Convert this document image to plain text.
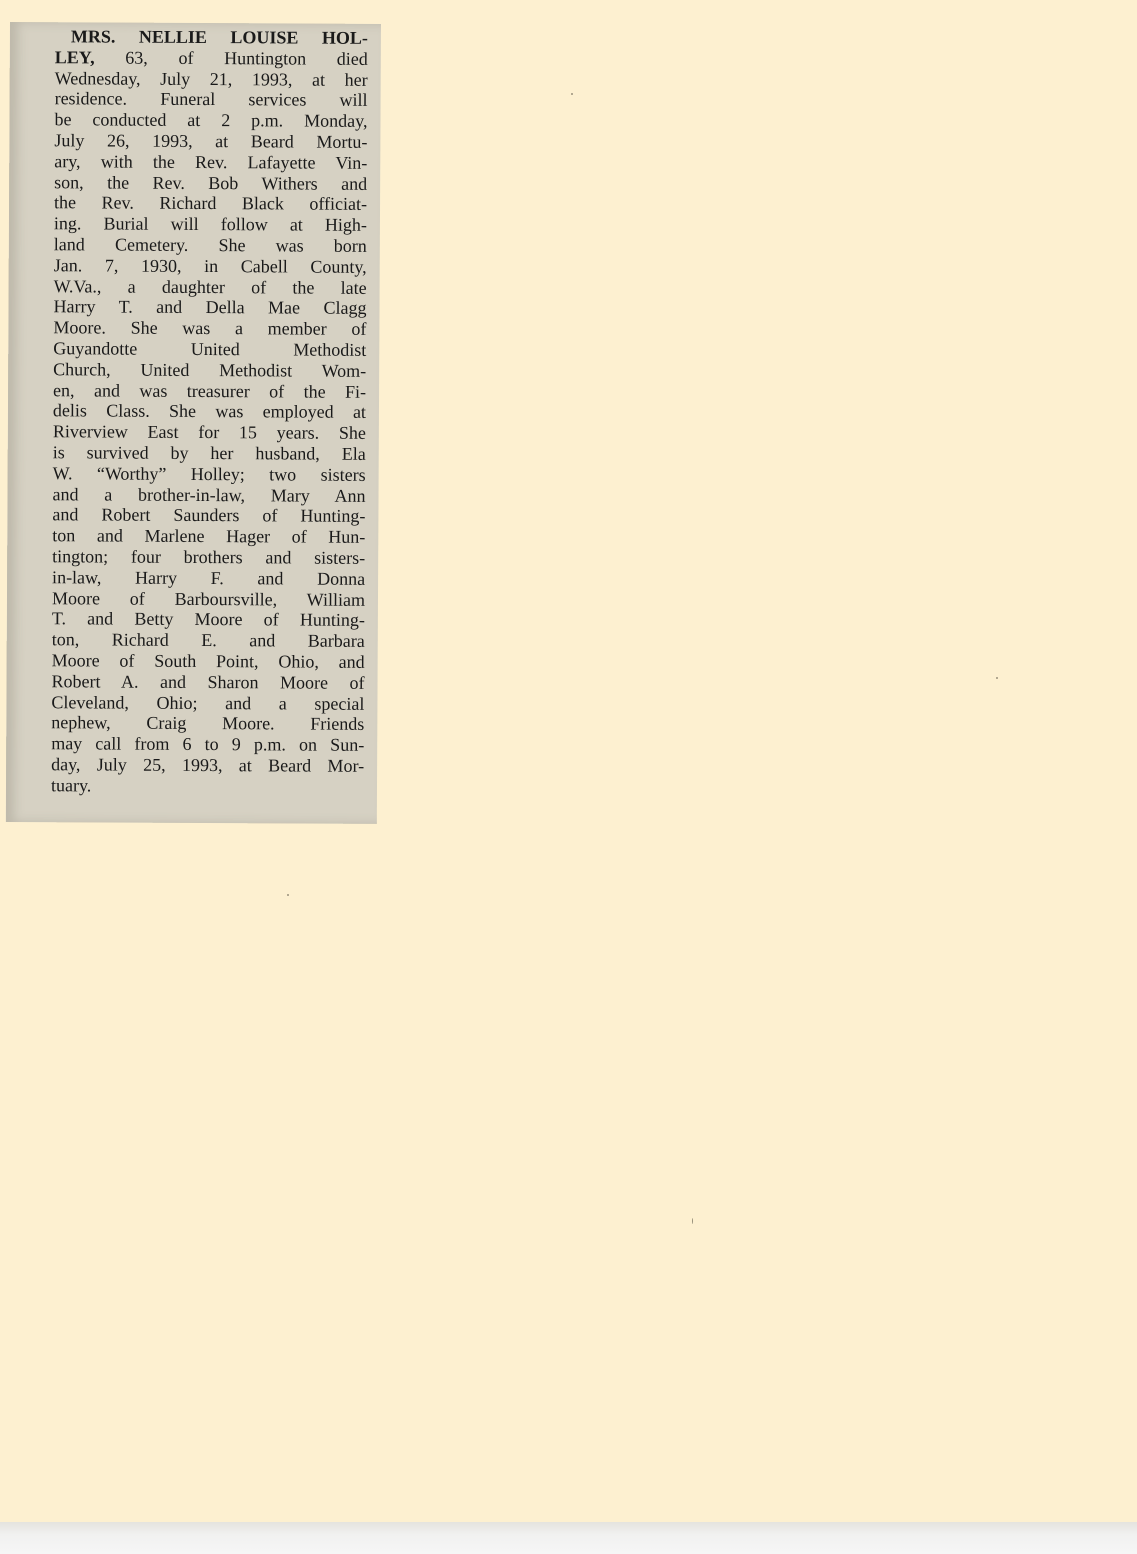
MRS. NELLIE LOUISE HOL-
LEY, 63, of Huntington died
Wednesday, July 21, 1993, at her
residence. Funeral services will
be conducted at 2 p.m. Monday,
July 26, 1993, at Beard Mortu-
ary, with the Rev. Lafayette Vin-
son, the Rev. Bob Withers and
the Rev. Richard Black officiat-
ing. Burial will follow at High-
land Cemetery. She was born
Jan. 7, 1930, in Cabell County,
W.Va., a daughter of the late
Harry T. and Della Mae Clagg
Moore. She was a member of
Guyandotte United Methodist
Church, United Methodist Wom-
en, and was treasurer of the Fi-
delis Class. She was employed at
Riverview East for 15 years. She
is survived by her husband, Ela
W. “Worthy” Holley; two sisters
and a brother-in-law, Mary Ann
and Robert Saunders of Hunting-
ton and Marlene Hager of Hun-
tington; four brothers and sisters-
in-law, Harry F. and Donna
Moore of Barboursville, William
T. and Betty Moore of Hunting-
ton, Richard E. and Barbara
Moore of South Point, Ohio, and
Robert A. and Sharon Moore of
Cleveland, Ohio; and a special
nephew, Craig Moore. Friends
may call from 6 to 9 p.m. on Sun-
day, July 25, 1993, at Beard Mor-
tuary.
